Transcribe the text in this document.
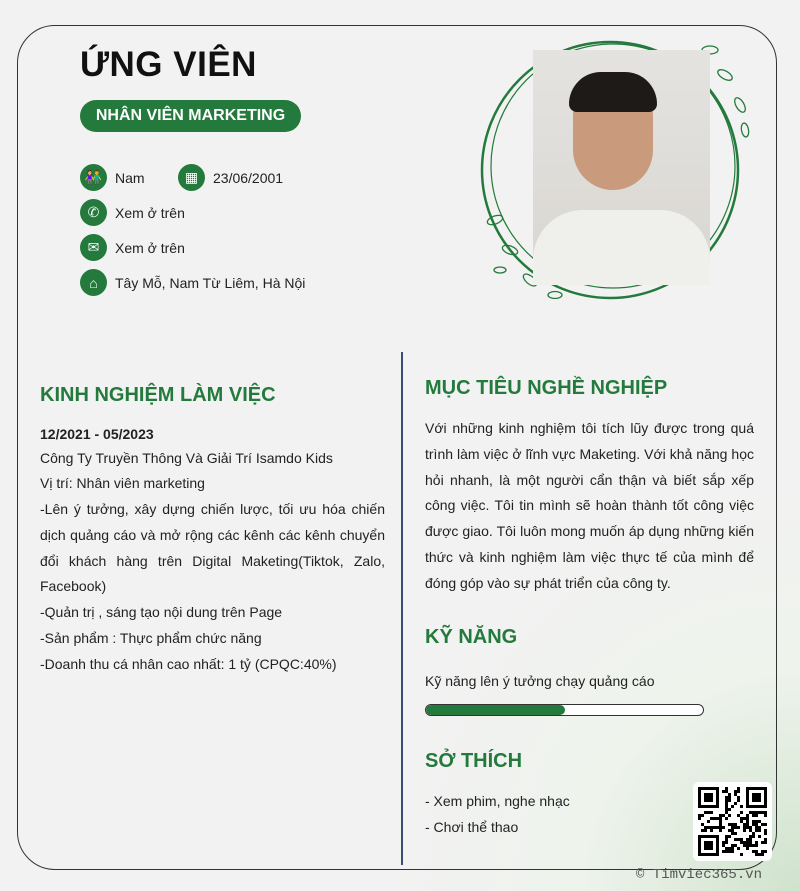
ỨNG VIÊN
NHÂN VIÊN MARKETING
👫 Nam	▦	23/06/2001
✆	Xem ở trên
✉	Xem ở trên
⌂	Tây Mỗ, Nam Từ Liêm, Hà Nội
KINH NGHIỆM LÀM VIỆC
12/2021 - 05/2023
Công Ty Truyền Thông Và Giải Trí Isamdo Kids
Vị trí: Nhân viên marketing
-Lên ý tưởng, xây dựng chiến lược, tối ưu hóa chiến dịch quảng cáo và mở rộng các kênh các kênh chuyển đổi khách hàng trên Digital Maketing(Tiktok, Zalo, Facebook)
-Quản trị , sáng tạo nội dung trên Page
-Sản phẩm : Thực phẩm chức năng
-Doanh thu cá nhân cao nhất: 1 tỷ (CPQC:40%)
MỤC TIÊU NGHỀ NGHIỆP
Với những kinh nghiệm tôi tích lũy được trong quá trình làm việc ở lĩnh vực Maketing. Với khả năng học hỏi nhanh, là một người cẩn thận và biết sắp xếp công việc. Tôi tin mình sẽ hoàn thành tốt công việc được giao. Tôi luôn mong muốn áp dụng những kiến thức và kinh nghiệm làm việc thực tế của mình để đóng góp vào sự phát triển của công ty.
KỸ NĂNG
Kỹ năng lên ý tưởng chạy quảng cáo
SỞ THÍCH
- Xem phim, nghe nhạc
- Chơi thể thao
© Timviec365.vn
